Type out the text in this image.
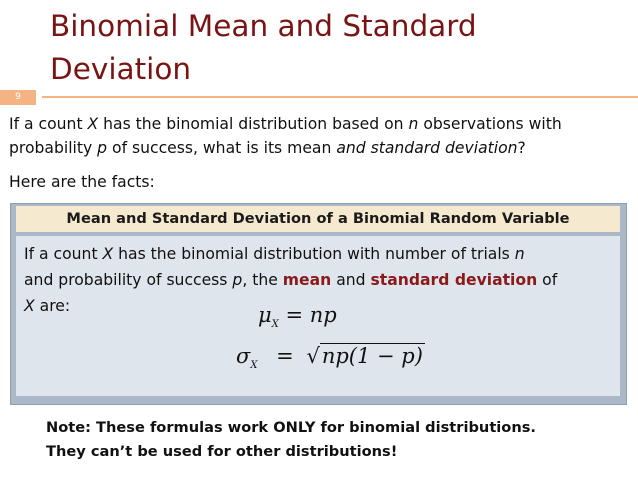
Binomial Mean and Standard
Deviation
9
If a count X has the binomial distribution based on n observations with
probability p of success, what is its mean and standard deviation?
Here are the facts:
Mean and Standard Deviation of a Binomial Random Variable
If a count X has the binomial distribution with number of trials n
and probability of success p, the mean and standard deviation of
X are:	$\mu_X$ = np
$\sigma_X = √np(1 - p)$
Note: These formulas work ONLY for binomial distributions.
They can’t be used for other distributions!
